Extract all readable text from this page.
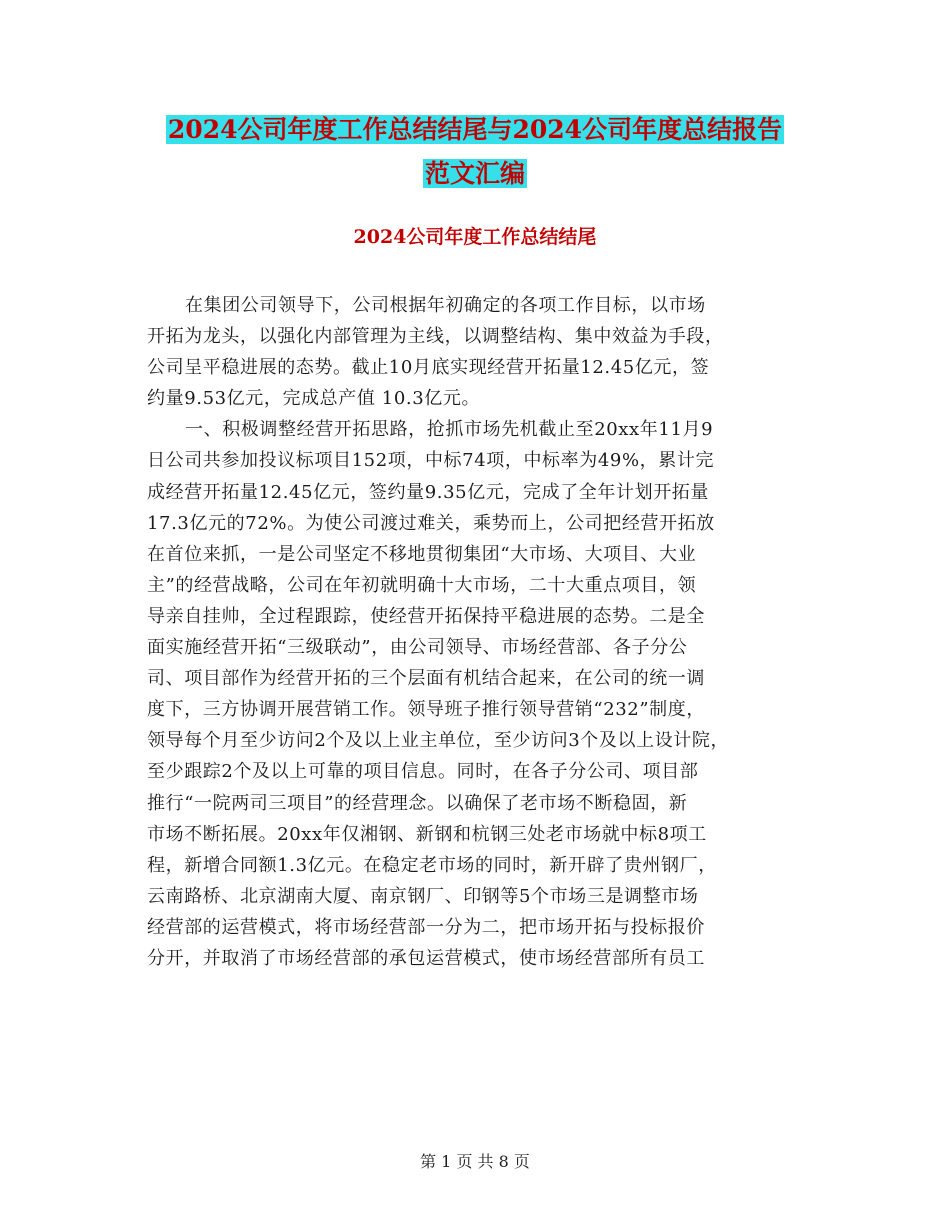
2024公司年度工作总结结尾与2024公司年度总结报告
范文汇编
2024公司年度工作总结结尾
在集团公司领导下，公司根据年初确定的各项工作目标，以市场
开拓为龙头，以强化内部管理为主线，以调整结构、集中效益为手段，
公司呈平稳进展的态势。截止10月底实现经营开拓量12.45亿元，签
约量9.53亿元，完成总产值 10.3亿元。
一、积极调整经营开拓思路，抢抓市场先机截止至20xx年11月9
日公司共参加投议标项目152项，中标74项，中标率为49%，累计完
成经营开拓量12.45亿元，签约量9.35亿元，完成了全年计划开拓量
17.3亿元的72%。为使公司渡过难关，乘势而上，公司把经营开拓放
在首位来抓，一是公司坚定不移地贯彻集团“大市场、大项目、大业
主”的经营战略，公司在年初就明确十大市场，二十大重点项目，领
导亲自挂帅，全过程跟踪，使经营开拓保持平稳进展的态势。二是全
面实施经营开拓“三级联动”，由公司领导、市场经营部、各子分公
司、项目部作为经营开拓的三个层面有机结合起来，在公司的统一调
度下，三方协调开展营销工作。领导班子推行领导营销“232”制度，
领导每个月至少访问2个及以上业主单位，至少访问3个及以上设计院，
至少跟踪2个及以上可靠的项目信息。同时，在各子分公司、项目部
推行“一院两司三项目”的经营理念。以确保了老市场不断稳固，新
市场不断拓展。20xx年仅湘钢、新钢和杭钢三处老市场就中标8项工
程，新增合同额1.3亿元。在稳定老市场的同时，新开辟了贵州钢厂，
云南路桥、北京湖南大厦、南京钢厂、印钢等5个市场三是调整市场
经营部的运营模式，将市场经营部一分为二，把市场开拓与投标报价
分开，并取消了市场经营部的承包运营模式，使市场经营部所有员工
第 1 页 共 8 页
